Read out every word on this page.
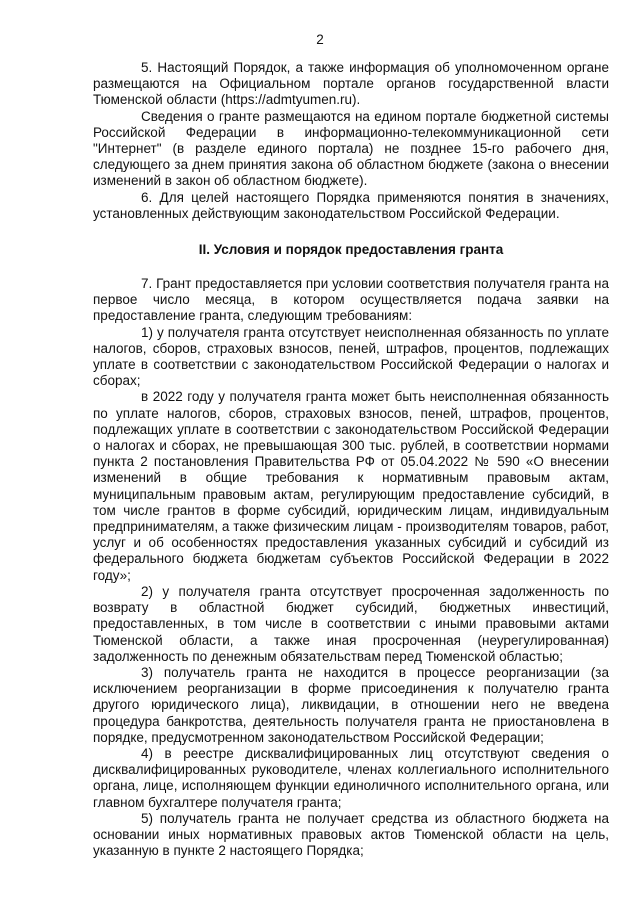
2

5. Настоящий Порядок, а также информация об уполномоченном органе размещаются на Официальном портале органов государственной власти Тюменской области (https://admtyumen.ru).

Сведения о гранте размещаются на едином портале бюджетной системы Российской Федерации в информационно-телекоммуникационной сети "Интернет" (в разделе единого портала) не позднее 15-го рабочего дня, следующего за днем принятия закона об областном бюджете (закона о внесении изменений в закон об областном бюджете).

6. Для целей настоящего Порядка применяются понятия в значениях, установленных действующим законодательством Российской Федерации.

II. Условия и порядок предоставления гранта

7. Грант предоставляется при условии соответствия получателя гранта на первое число месяца, в котором осуществляется подача заявки на предоставление гранта, следующим требованиям:

1) у получателя гранта отсутствует неисполненная обязанность по уплате налогов, сборов, страховых взносов, пеней, штрафов, процентов, подлежащих уплате в соответствии с законодательством Российской Федерации о налогах и сборах;

в 2022 году у получателя гранта может быть неисполненная обязанность по уплате налогов, сборов, страховых взносов, пеней, штрафов, процентов, подлежащих уплате в соответствии с законодательством Российской Федерации о налогах и сборах, не превышающая 300 тыс. рублей, в соответствии нормами пункта 2 постановления Правительства РФ от 05.04.2022 № 590 «О внесении изменений в общие требования к нормативным правовым актам, муниципальным правовым актам, регулирующим предоставление субсидий, в том числе грантов в форме субсидий, юридическим лицам, индивидуальным предпринимателям, а также физическим лицам - производителям товаров, работ, услуг и об особенностях предоставления указанных субсидий и субсидий из федерального бюджета бюджетам субъектов Российской Федерации в 2022 году»;

2) у получателя гранта отсутствует просроченная задолженность по возврату в областной бюджет субсидий, бюджетных инвестиций, предоставленных, в том числе в соответствии с иными правовыми актами Тюменской области, а также иная просроченная (неурегулированная) задолженность по денежным обязательствам перед Тюменской областью;

3) получатель гранта не находится в процессе реорганизации (за исключением реорганизации в форме присоединения к получателю гранта другого юридического лица), ликвидации, в отношении него не введена процедура банкротства, деятельность получателя гранта не приостановлена в порядке, предусмотренном законодательством Российской Федерации;

4) в реестре дисквалифицированных лиц отсутствуют сведения о дисквалифицированных руководителе, членах коллегиального исполнительного органа, лице, исполняющем функции единоличного исполнительного органа, или главном бухгалтере получателя гранта;

5) получатель гранта не получает средства из областного бюджета на основании иных нормативных правовых актов Тюменской области на цель, указанную в пункте 2 настоящего Порядка;
